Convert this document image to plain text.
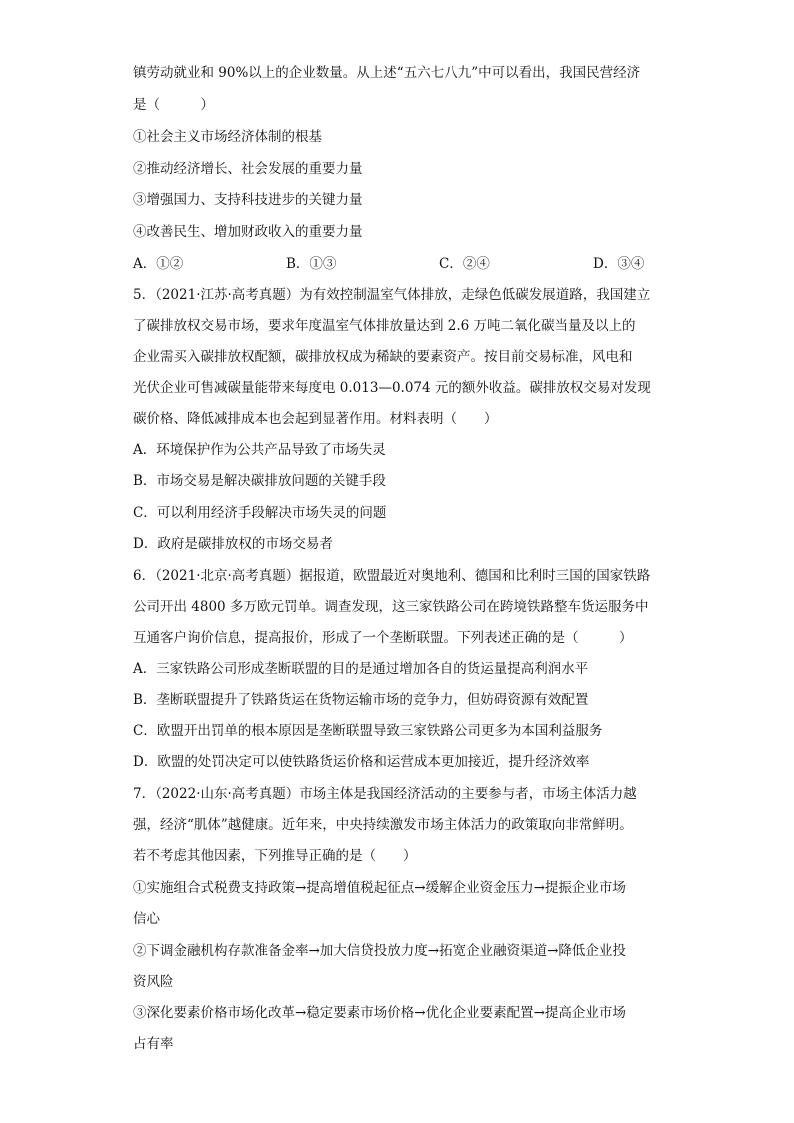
镇劳动就业和 90%以上的企业数量。从上述“五六七八九”中可以看出，我国民营经济
是（　　　）
①社会主义市场经济体制的根基
②推动经济增长、社会发展的重要力量
③增强国力、支持科技进步的关键力量
④改善民生、增加财政收入的重要力量
A．①②	B．①③	C．②④	D．③④
5．（2021·江苏·高考真题）为有效控制温室气体排放，走绿色低碳发展道路，我国建立
了碳排放权交易市场，要求年度温室气体排放量达到 2.6 万吨二氧化碳当量及以上的
企业需买入碳排放权配额，碳排放权成为稀缺的要素资产。按目前交易标准，风电和
光伏企业可售减碳量能带来每度电 0.013—0.074 元的额外收益。碳排放权交易对发现
碳价格、降低减排成本也会起到显著作用。材料表明（　　）
A．环境保护作为公共产品导致了市场失灵
B．市场交易是解决碳排放问题的关键手段
C．可以利用经济手段解决市场失灵的问题
D．政府是碳排放权的市场交易者
6．（2021·北京·高考真题）据报道，欧盟最近对奥地利、德国和比利时三国的国家铁路
公司开出 4800 多万欧元罚单。调查发现，这三家铁路公司在跨境铁路整车货运服务中
互通客户询价信息，提高报价，形成了一个垄断联盟。下列表述正确的是（　　　）
A．三家铁路公司形成垄断联盟的目的是通过增加各自的货运量提高利润水平
B．垄断联盟提升了铁路货运在货物运输市场的竞争力，但妨碍资源有效配置
C．欧盟开出罚单的根本原因是垄断联盟导致三家铁路公司更多为本国利益服务
D．欧盟的处罚决定可以使铁路货运价格和运营成本更加接近，提升经济效率
7．（2022·山东·高考真题）市场主体是我国经济活动的主要参与者，市场主体活力越
强，经济“肌体”越健康。近年来，中央持续激发市场主体活力的政策取向非常鲜明。
若不考虑其他因素，下列推导正确的是（　　）
①实施组合式税费支持政策→提高增值税起征点→缓解企业资金压力→提振企业市场
信心
②下调金融机构存款准备金率→加大信贷投放力度→拓宽企业融资渠道→降低企业投
资风险
③深化要素价格市场化改革→稳定要素市场价格→优化企业要素配置→提高企业市场
占有率
